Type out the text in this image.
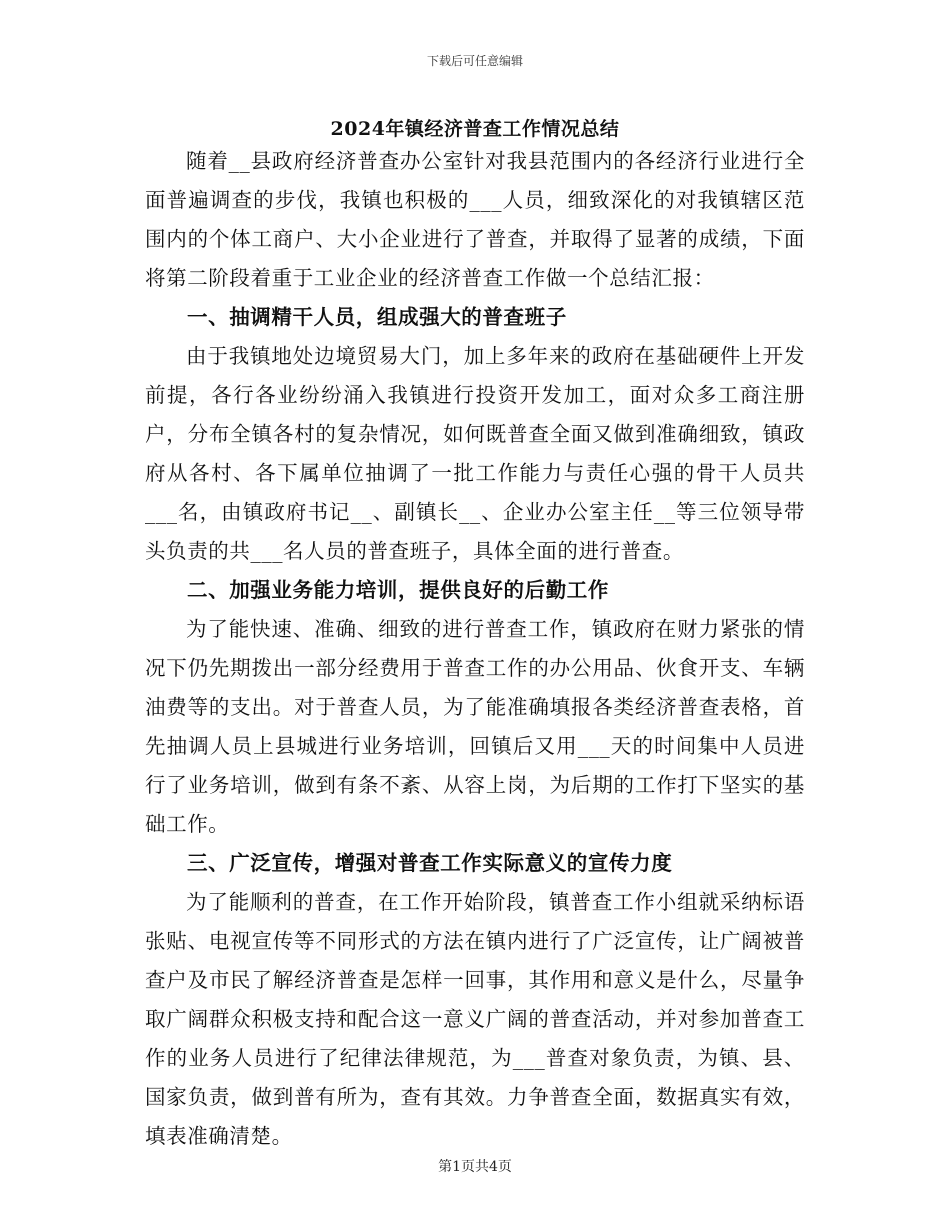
下载后可任意编辑
2024年镇经济普查工作情况总结

随着__县政府经济普查办公室针对我县范围内的各经济行业进行全面普遍调查的步伐，我镇也积极的___人员，细致深化的对我镇辖区范围内的个体工商户、大小企业进行了普查，并取得了显著的成绩，下面将第二阶段着重于工业企业的经济普查工作做一个总结汇报：

一、抽调精干人员，组成强大的普查班子

由于我镇地处边境贸易大门，加上多年来的政府在基础硬件上开发前提，各行各业纷纷涌入我镇进行投资开发加工，面对众多工商注册户，分布全镇各村的复杂情况，如何既普查全面又做到准确细致，镇政府从各村、各下属单位抽调了一批工作能力与责任心强的骨干人员共___名，由镇政府书记__、副镇长__、企业办公室主任__等三位领导带头负责的共___名人员的普查班子，具体全面的进行普查。

二、加强业务能力培训，提供良好的后勤工作

为了能快速、准确、细致的进行普查工作，镇政府在财力紧张的情况下仍先期拨出一部分经费用于普查工作的办公用品、伙食开支、车辆油费等的支出。对于普查人员，为了能准确填报各类经济普查表格，首先抽调人员上县城进行业务培训，回镇后又用___天的时间集中人员进行了业务培训，做到有条不紊、从容上岗，为后期的工作打下坚实的基础工作。

三、广泛宣传，增强对普查工作实际意义的宣传力度

为了能顺利的普查，在工作开始阶段，镇普查工作小组就采纳标语张贴、电视宣传等不同形式的方法在镇内进行了广泛宣传，让广阔被普查户及市民了解经济普查是怎样一回事，其作用和意义是什么，尽量争取广阔群众积极支持和配合这一意义广阔的普查活动，并对参加普查工作的业务人员进行了纪律法律规范，为___普查对象负责，为镇、县、国家负责，做到普有所为，查有其效。力争普查全面，数据真实有效，填表准确清楚。

第1页共4页
